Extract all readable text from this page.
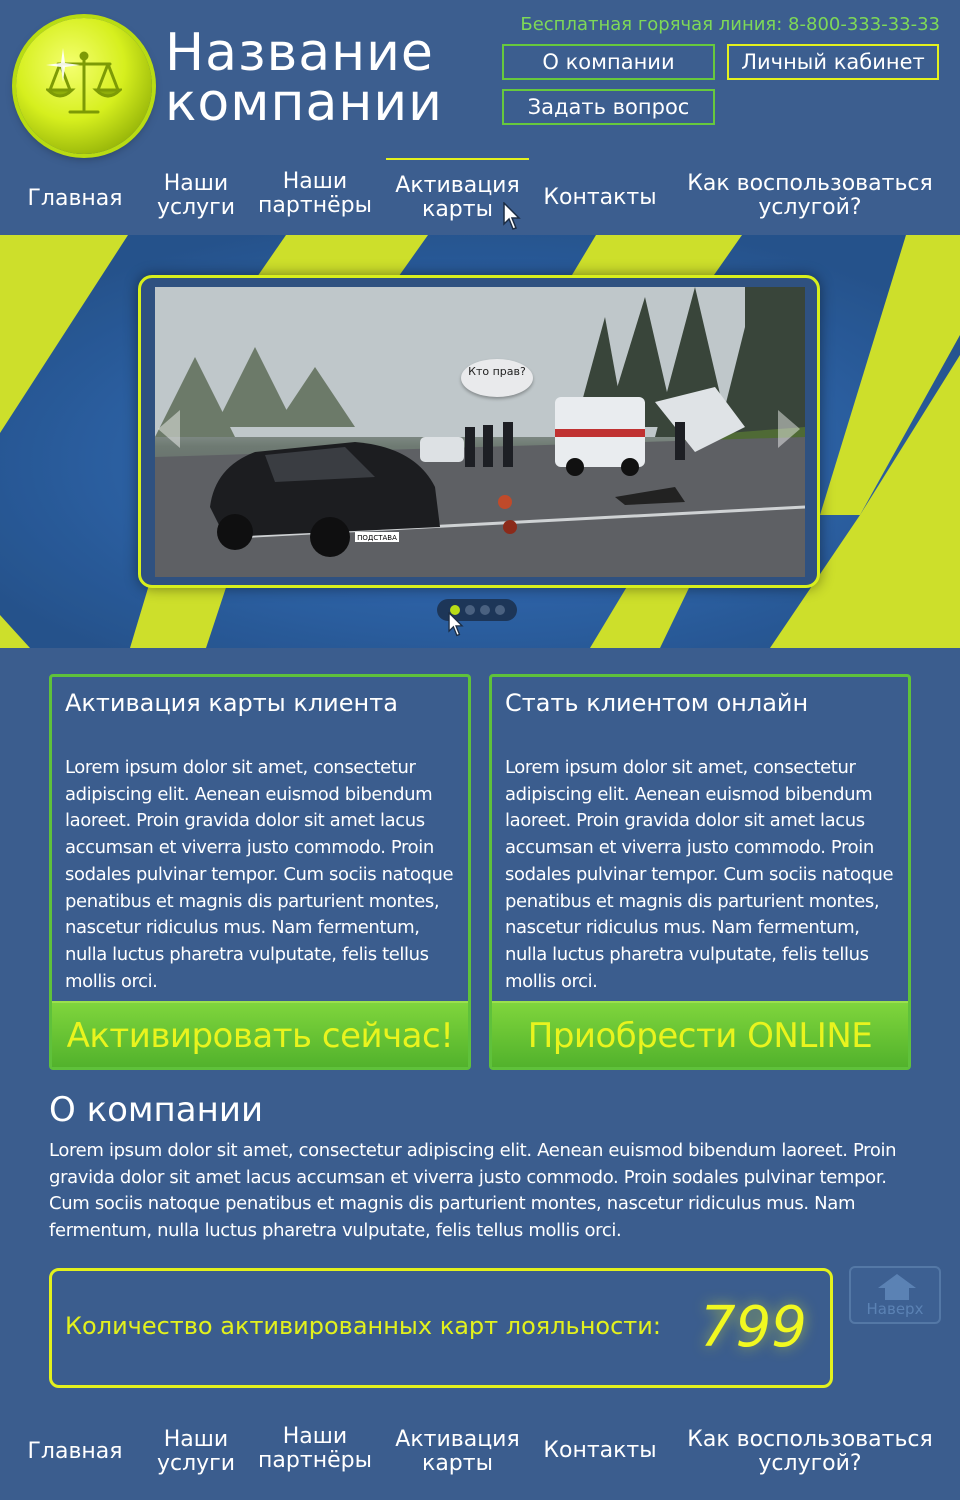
Название компании
Бесплатная горячая линия: 8-800-333-33-33
О компании	Личный кабинет
Задать вопрос
Главная
Наши услуги
Наши партнёры
Активация карты	Контакты
Как воспользоваться услугой?
ПОДСТАВА
Кто прав?
Активация карты клиента
Lorem ipsum dolor sit amet, consectetur adipiscing elit. Aenean euismod bibendum laoreet. Proin gravida dolor sit amet lacus accumsan et viverra justo commodo. Proin sodales pulvinar tempor. Cum sociis natoque penatibus et magnis dis parturient montes, nascetur ridiculus mus. Nam fermentum, nulla luctus pharetra vulputate, felis tellus mollis orci.
Активировать сейчас!
Стать клиентом онлайн
Lorem ipsum dolor sit amet, consectetur adipiscing elit. Aenean euismod bibendum laoreet. Proin gravida dolor sit amet lacus accumsan et viverra justo commodo. Proin sodales pulvinar tempor. Cum sociis natoque penatibus et magnis dis parturient montes, nascetur ridiculus mus. Nam fermentum, nulla luctus pharetra vulputate, felis tellus mollis orci.
Приобрести ONLINE
О компании
Lorem ipsum dolor sit amet, consectetur adipiscing elit. Aenean euismod bibendum laoreet. Proin gravida dolor sit amet lacus accumsan et viverra justo commodo. Proin sodales pulvinar tempor. Cum sociis natoque penatibus et magnis dis parturient montes, nascetur ridiculus mus. Nam fermentum, nulla luctus pharetra vulputate, felis tellus mollis orci.
Количество активированных карт лояльности: 799	Наверх
Главная	Наши услуги
Наши партнёры
Активация карты
Контакты	Как воспользоваться услугой?
